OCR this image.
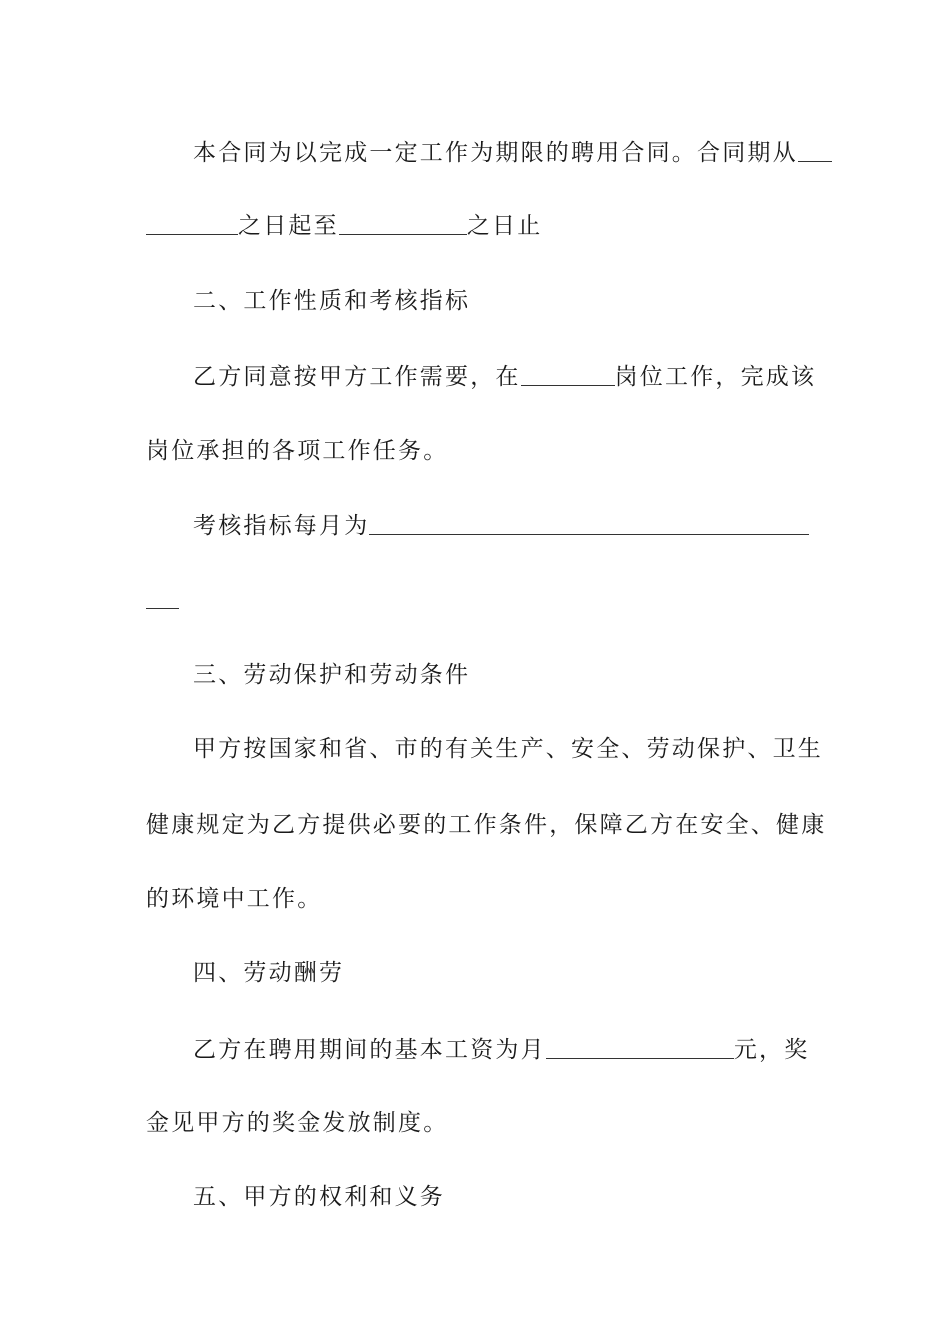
本合同为以完成一定工作为期限的聘用合同。合同期从
之日起至	之日止
二、工作性质和考核指标
乙方同意按甲方工作需要，在	岗位工作，完成该
岗位承担的各项工作任务。
考核指标每月为
三、劳动保护和劳动条件
甲方按国家和省、市的有关生产、安全、劳动保护、卫生
健康规定为乙方提供必要的工作条件，保障乙方在安全、健康
的环境中工作。
四、劳动酬劳
乙方在聘用期间的基本工资为月	元，奖
金见甲方的奖金发放制度。
五、甲方的权利和义务
